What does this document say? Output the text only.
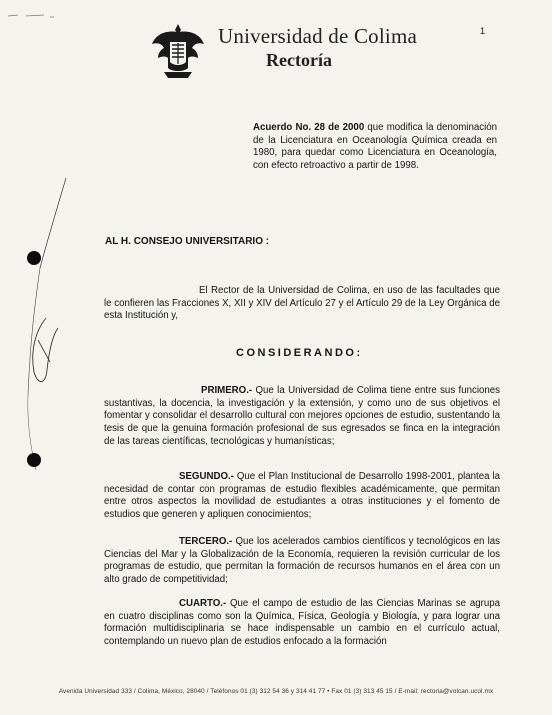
Universidad de Colima
Rectoría
1
Acuerdo No. 28 de 2000 que modifica la denominación de la Licenciatura en Oceanología Química creada en 1980, para quedar como Licenciatura en Oceanología, con efecto retroactivo a partir de 1998.
AL H. CONSEJO UNIVERSITARIO :
El Rector de la Universidad de Colima, en uso de las facultades que le confieren las Fracciones X, XII y XIV del Artículo 27 y el Artículo 29 de la Ley Orgánica de esta Institución y,
CONSIDERANDO:
PRIMERO.- Que la Universidad de Colima tiene entre sus funciones sustantivas, la docencia, la investigación y la extensión, y como uno de sus objetivos el fomentar y consolidar el desarrollo cultural con mejores opciones de estudio, sustentando la tesis de que la genuina formación profesional de sus egresados se finca en la integración de las tareas científicas, tecnológicas y humanísticas;
SEGUNDO.- Que el Plan Institucional de Desarrollo 1998-2001, plantea la necesidad de contar con programas de estudio flexibles académicamente, que permitan entre otros aspectos la movilidad de estudiantes a otras instituciones y el fomento de estudios que generen y apliquen conocimientos;
TERCERO.- Que los acelerados cambios científicos y tecnológicos en las Ciencias del Mar y la Globalización de la Economía, requieren la revisión curricular de los programas de estudio, que permitan la formación de recursos humanos en el área con un alto grado de competitividad;
CUARTO.- Que el campo de estudio de las Ciencias Marinas se agrupa en cuatro disciplinas como son la Química, Física, Geología y Biología, y para lograr una formación multidisciplinaria se hace indispensable un cambio en el currículo actual, contemplando un nuevo plan de estudios enfocado a la formación
Avenida Universidad 333 / Colima, México, 28040 / Teléfonos 01 (3) 312 54 36 y 314 41 77 • Fax 01 (3) 313 45 15 / E-mail: rectoria@volcan.ucol.mx
